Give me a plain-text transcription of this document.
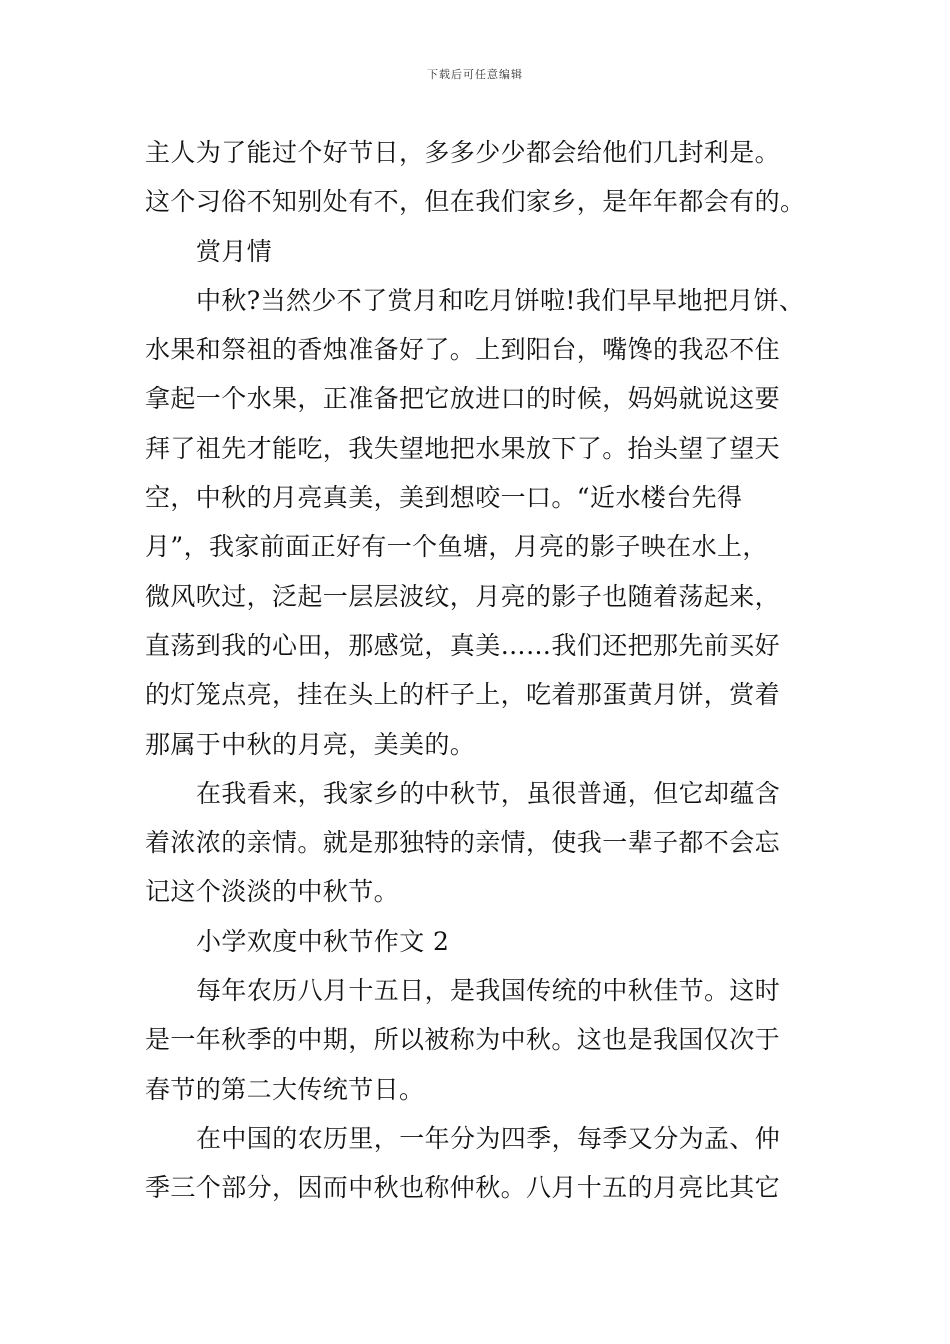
下载后可任意编辑
主人为了能过个好节日，多多少少都会给他们几封利是。
这个习俗不知别处有不，但在我们家乡，是年年都会有的。
赏月情
中秋?当然少不了赏月和吃月饼啦!我们早早地把月饼、
水果和祭祖的香烛准备好了。上到阳台，嘴馋的我忍不住
拿起一个水果，正准备把它放进口的时候，妈妈就说这要
拜了祖先才能吃，我失望地把水果放下了。抬头望了望天
空，中秋的月亮真美，美到想咬一口。“近水楼台先得
月”，我家前面正好有一个鱼塘，月亮的影子映在水上，
微风吹过，泛起一层层波纹，月亮的影子也随着荡起来，
直荡到我的心田，那感觉，真美……我们还把那先前买好
的灯笼点亮，挂在头上的杆子上，吃着那蛋黄月饼，赏着
那属于中秋的月亮，美美的。
在我看来，我家乡的中秋节，虽很普通，但它却蕴含
着浓浓的亲情。就是那独特的亲情，使我一辈子都不会忘
记这个淡淡的中秋节。
小学欢度中秋节作文 2
每年农历八月十五日，是我国传统的中秋佳节。这时
是一年秋季的中期，所以被称为中秋。这也是我国仅次于
春节的第二大传统节日。
在中国的农历里，一年分为四季，每季又分为孟、仲
季三个部分，因而中秋也称仲秋。八月十五的月亮比其它
